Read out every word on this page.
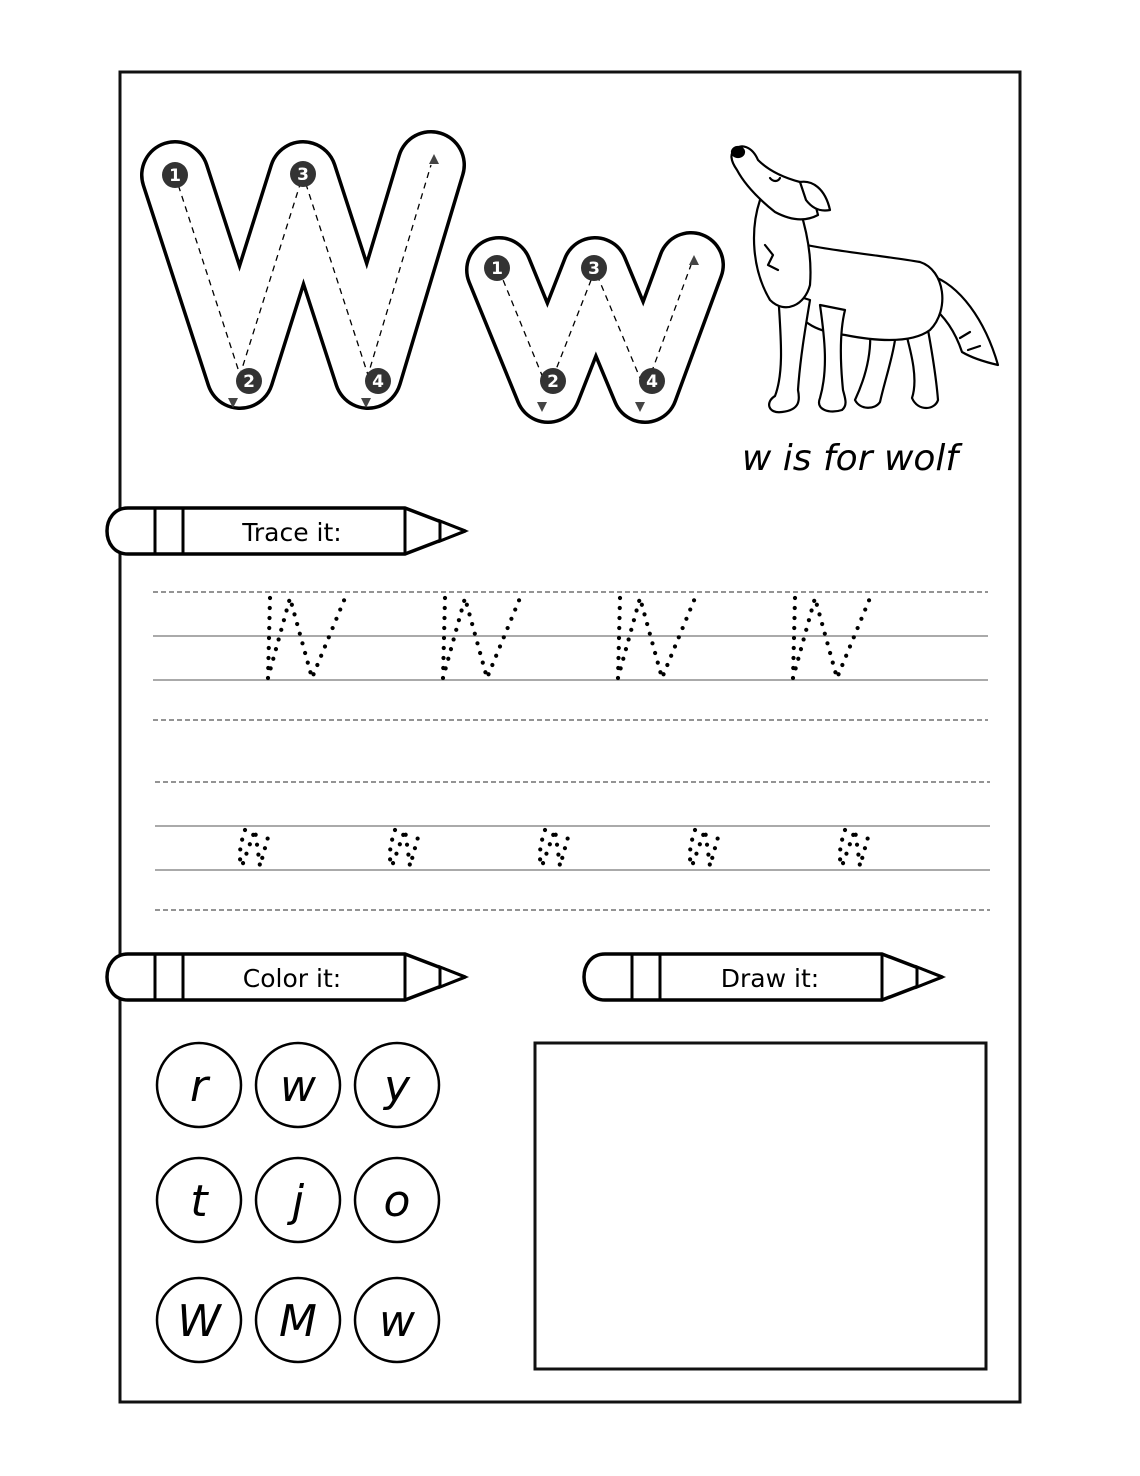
1
2
3
4
1
2
3
4
w is for wolf
Trace it:
Color it:	Draw it:
r w y
t j o
W M w
